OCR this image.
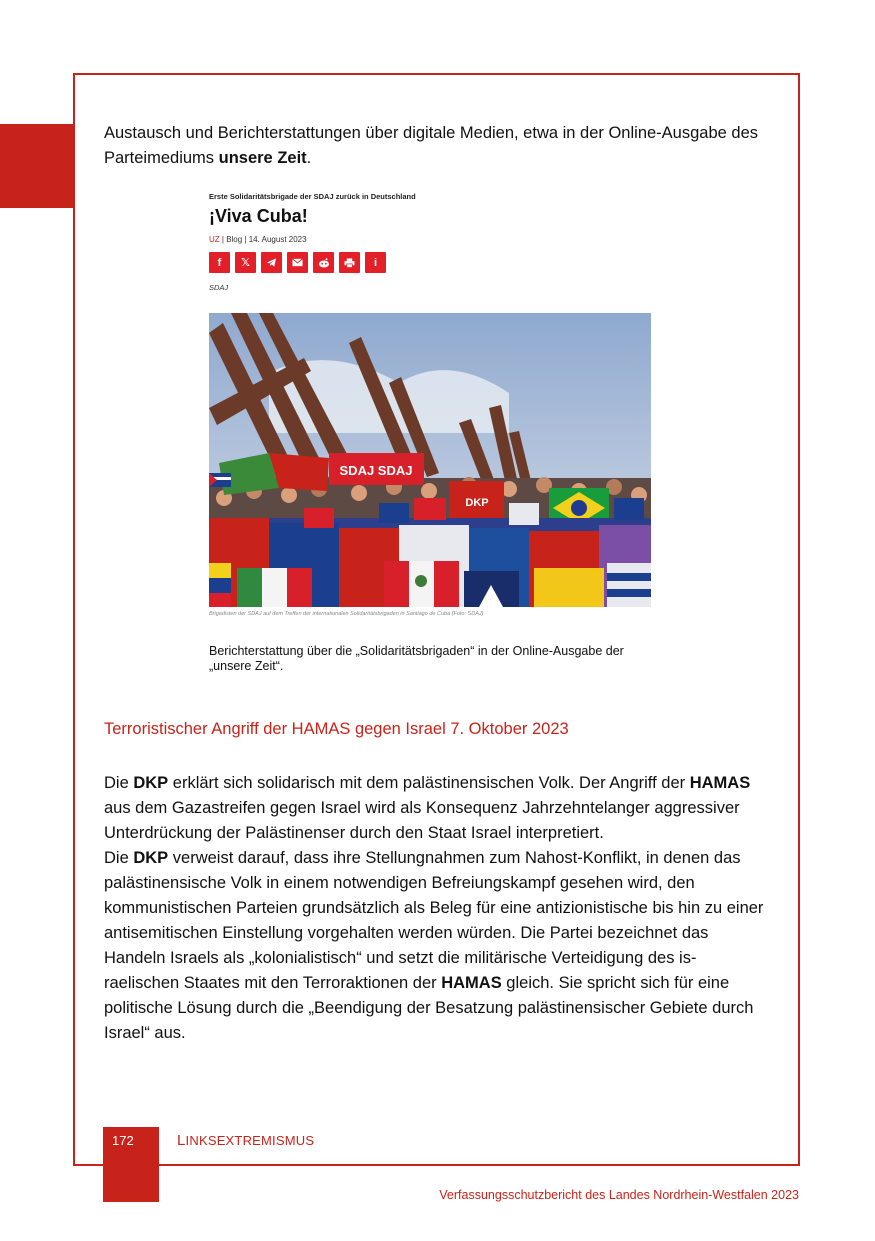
Austausch und Berichterstattungen über digitale Medien, etwa in der Online-Ausgabe des Parteimediums unsere Zeit.

Erste Solidaritätsbrigade der SDAJ zurück in Deutschland
¡Viva Cuba!
UZ | Blog | 14. August 2023
f	𝕏	i
SDAJ
SDAJ SDAJ
DKP
Brigadisten der SDAJ auf dem Treffen der internationalen Solidaritätsbrigaden in Santiago de Cuba (Foto: SDAJ)
Berichterstattung über die „Solidaritätsbrigaden“ in der Online-Ausgabe der „unsere Zeit“.
Terroristischer Angriff der HAMAS gegen Israel 7. Oktober 2023

Die DKP erklärt sich solidarisch mit dem palästinensischen Volk. Der Angriff der HAMAS aus dem Gazastreifen gegen Israel wird als Konsequenz Jahrzehntelanger aggressiver Unterdrückung der Palästinenser durch den Staat Israel interpretiert.
Die DKP verweist darauf, dass ihre Stellungnahmen zum Nahost-Konflikt, in denen das palästinensische Volk in einem notwendigen Befreiungskampf gesehen wird, den kommunistischen Parteien grundsätzlich als Beleg für eine antizionistische bis hin zu einer antisemitischen Einstellung vorgehalten werden würden. Die Partei bezeichnet das Handeln Israels als „kolonialistisch“ und setzt die militärische Verteidigung des is-raelischen Staates mit den Terroraktionen der HAMAS gleich. Sie spricht sich für eine politische Lösung durch die „Beendigung der Besatzung palästinensischer Gebiete durch Israel“ aus.

172	LINKSEXTREMISMUS
Verfassungsschutzbericht des Landes Nordrhein-Westfalen 2023
